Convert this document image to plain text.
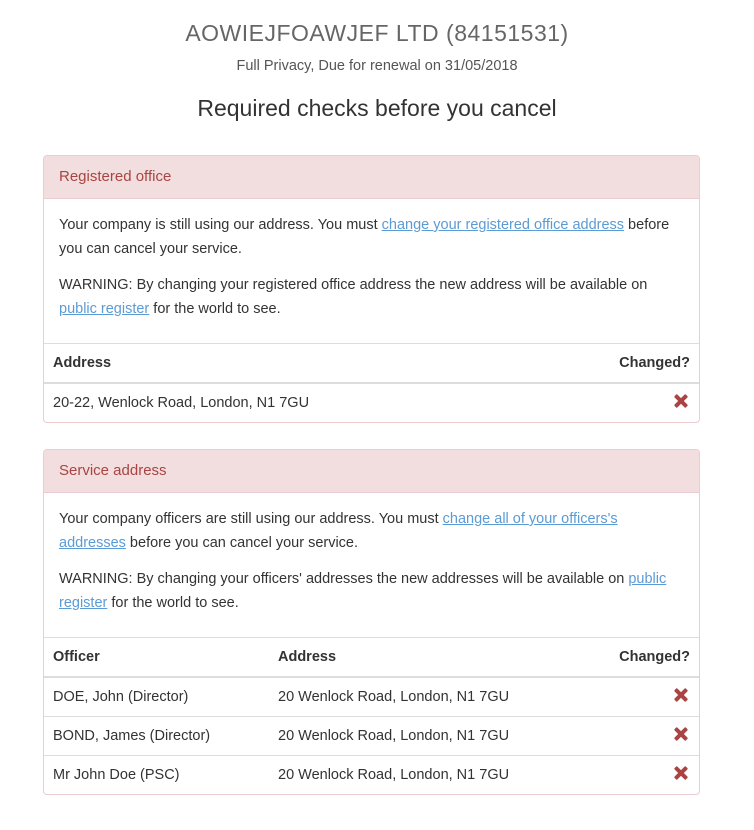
AOWIEJFOAWJEF LTD (84151531)
Full Privacy, Due for renewal on 31/05/2018
Required checks before you cancel
Registered office

Your company is still using our address. You must change your registered office address before you can cancel your service.

WARNING: By changing your registered office address the new address will be available on public register for the world to see.

Address	Changed?
20-22, Wenlock Road, London, N1 7GU	
Service address

Your company officers are still using our address. You must change all of your officers's addresses before you can cancel your service.

WARNING: By changing your officers' addresses the new addresses will be available on public register for the world to see.

Officer	Address	Changed?
DOE, John (Director)	20 Wenlock Road, London, N1 7GU	
BOND, James (Director)	20 Wenlock Road, London, N1 7GU	
Mr John Doe (PSC)	20 Wenlock Road, London, N1 7GU	
